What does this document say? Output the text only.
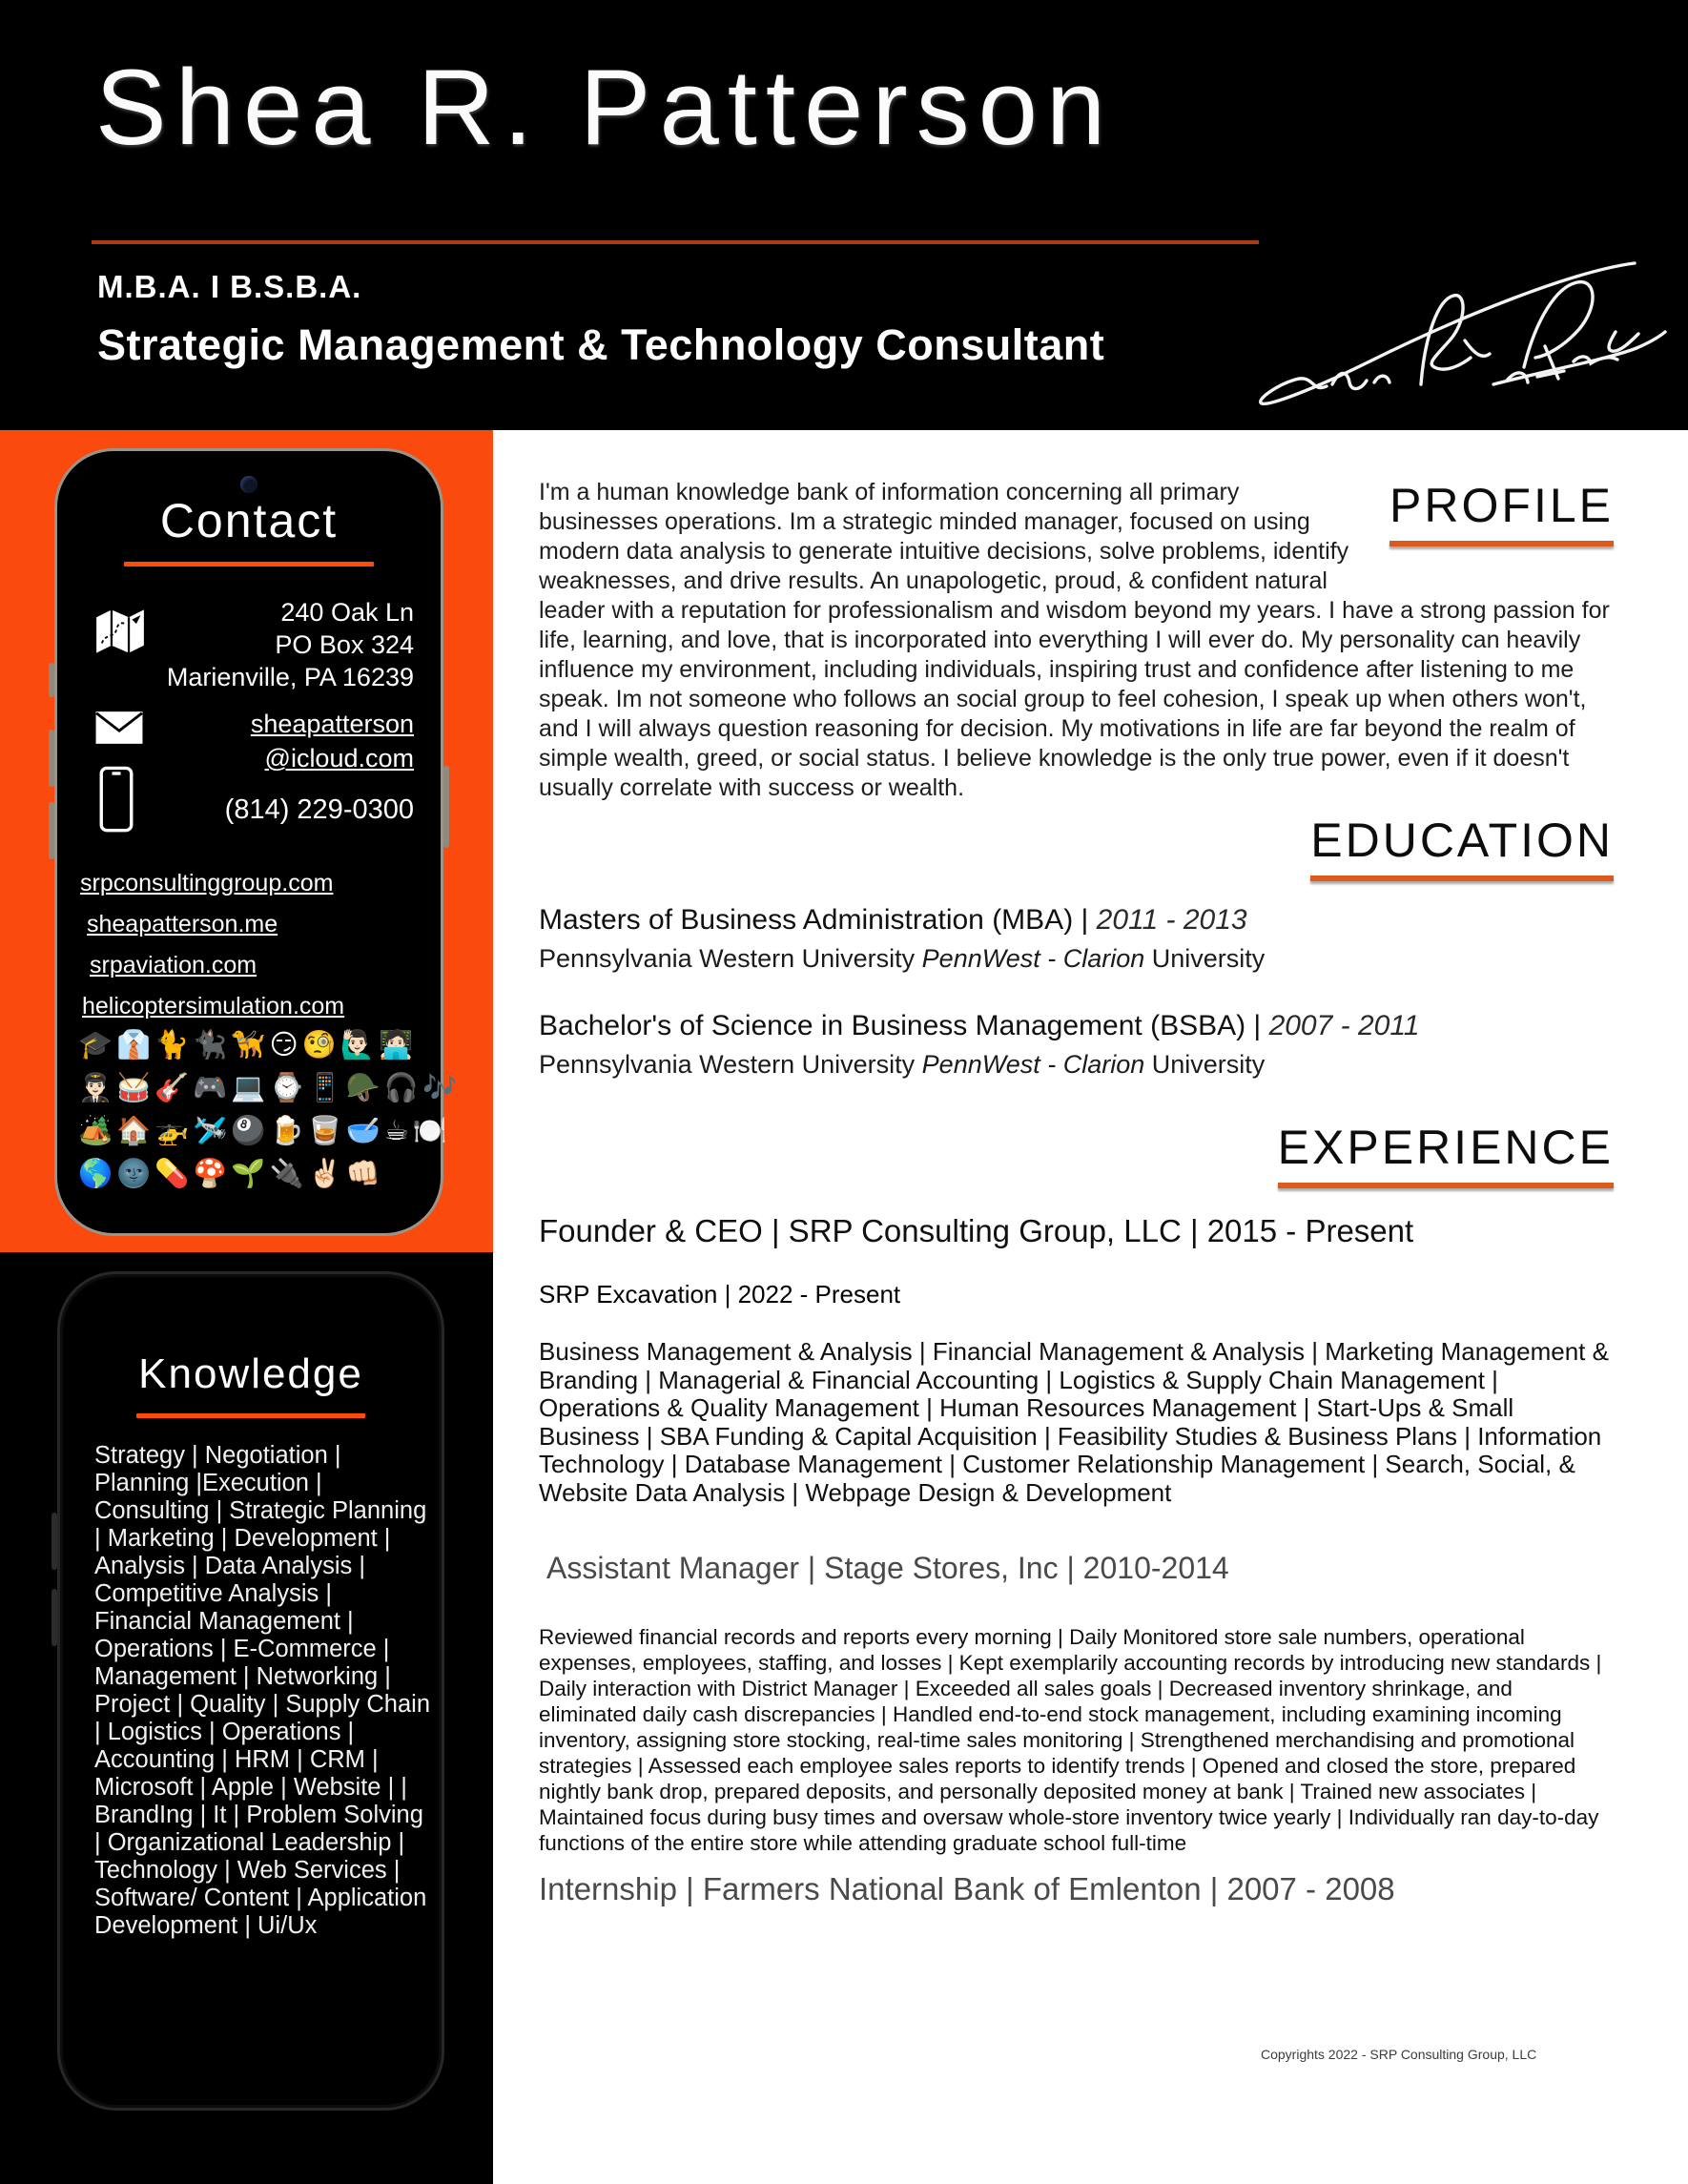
Shea R. Patterson
M.B.A. I B.S.B.A.
Strategic Management & Technology Consultant
Contact
240 Oak Ln
PO Box 324
Marienville, PA 16239
sheapatterson
@icloud.com
(814) 229-0300
srpconsultinggroup.com
sheapatterson.me
srpaviation.com
helicoptersimulation.com
🎓👔🐈🐈‍⬛🦮😏🧐🙋🏻‍♂️🧑🏻‍💻
👨🏻‍✈️🥁🎸🎮💻⌚📱🪖🎧🎶
🏕️🏠🚁🛩️🎱🍺🥃🥣☕🍽️
🌎🌚💊🍄🌱🔌✌🏻👊🏻
Knowledge
Strategy | Negotiation | Planning |Execution | Consulting | Strategic Planning | Marketing | Development | Analysis | Data Analysis | Competitive Analysis | Financial Management | Operations | E-Commerce | Management | Networking | Project | Quality | Supply Chain | Logistics | Operations | Accounting | HRM | CRM | Microsoft | Apple | Website | | BrandIng | It | Problem Solving | Organizational Leadership | Technology | Web Services | Software/ Content | Application Development | Ui/Ux
PROFILE
I'm a human knowledge bank of information concerning all primary businesses operations. Im a strategic minded manager, focused on using modern data analysis to generate intuitive decisions, solve problems, identify weaknesses, and drive results. An unapologetic, proud, & confident natural leader with a reputation for professionalism and wisdom beyond my years. I have a strong passion for life, learning, and love, that is incorporated into everything I will ever do. My personality can heavily influence my environment, including individuals, inspiring trust and confidence after listening to me speak. Im not someone who follows an social group to feel cohesion, I speak up when others won't, and I will always question reasoning for decision. My motivations in life are far beyond the realm of simple wealth, greed, or social status. I believe knowledge is the only true power, even if it doesn't usually correlate with success or wealth.
EDUCATION
Masters of Business Administration (MBA) | 2011 - 2013
Pennsylvania Western University PennWest - Clarion University
Bachelor's of Science in Business Management (BSBA) | 2007 - 2011
Pennsylvania Western University PennWest - Clarion University
EXPERIENCE
Founder & CEO | SRP Consulting Group, LLC | 2015 - Present
SRP Excavation | 2022 - Present
Business Management & Analysis | Financial Management & Analysis | Marketing Management & Branding | Managerial & Financial Accounting | Logistics & Supply Chain Management | Operations & Quality Management | Human Resources Management | Start-Ups & Small Business | SBA Funding & Capital Acquisition | Feasibility Studies & Business Plans | Information Technology | Database Management | Customer Relationship Management | Search, Social, & Website Data Analysis | Webpage Design & Development
Assistant Manager | Stage Stores, Inc | 2010-2014
Reviewed financial records and reports every morning | Daily Monitored store sale numbers, operational expenses, employees, staffing, and losses | Kept exemplarily accounting records by introducing new standards | Daily interaction with District Manager | Exceeded all sales goals | Decreased inventory shrinkage, and eliminated daily cash discrepancies | Handled end-to-end stock management, including examining incoming inventory, assigning store stocking, real-time sales monitoring | Strengthened merchandising and promotional strategies | Assessed each employee sales reports to identify trends | Opened and closed the store, prepared nightly bank drop, prepared deposits, and personally deposited money at bank | Trained new associates | Maintained focus during busy times and oversaw whole-store inventory twice yearly | Individually ran day-to-day functions of the entire store while attending graduate school full-time
Internship | Farmers National Bank of Emlenton | 2007 - 2008
Copyrights 2022 - SRP Consulting Group, LLC
